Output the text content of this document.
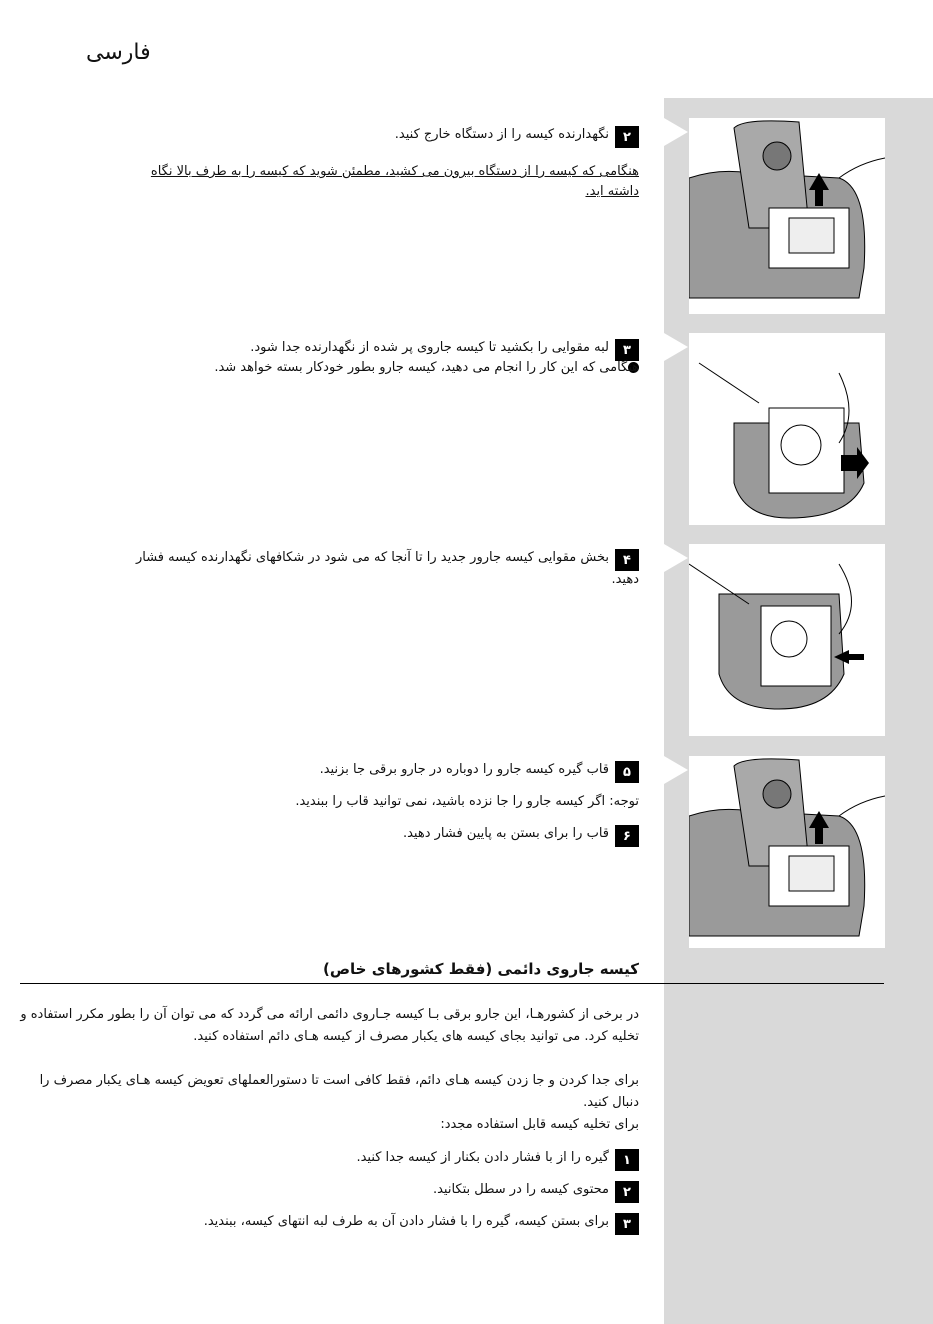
فارسی
۲
نگهدارنده کیسه را از دستگاه خارج کنید.
هنگامی که کیسه را از دستگاه بیرون می کشید، مطمئن شوید که کیسه را به طرف بالا نگاه
داشته اید.
۳
لبه مقوایی را بکشید تا کیسه جاروی پر شده از نگهدارنده جدا شود.
هنگامی که این کار را انجام می دهید، کیسه جارو بطور خودکار بسته خواهد شد.
۴
بخش مقوایی کیسه جارور جدید را تا آنجا که می شود در شکافهای نگهدارنده کیسه فشار
دهید.
۵
قاب گیره کیسه جارو را دوباره در جارو برقی جا بزنید.
توجه: اگر کیسه جارو را جا نزده باشید، نمی توانید قاب را ببندید.
۶
قاب را برای بستن به پایین فشار دهید.
کیسه جاروی دائمی (فقط کشورهای خاص)
در برخی از کشورهـا، این جارو برقی بـا کیسه جـاروی دائمی ارائه می گردد که می توان آن را بطور مکرر استفاده و تخلیه کرد. می توانید بجای کیسه های یکبار مصرف از کیسه هـای دائم استفاده کنید.
برای جدا کردن و جا زدن کیسه هـای دائم، فقط کافی است تا دستورالعملهای تعویض کیسه هـای یکبار مصرف را دنبال کنید.
برای تخلیه کیسه قابل استفاده مجدد:
۱
گیره را از با فشار دادن بکنار از کیسه جدا کنید.
۲
محتوی کیسه را در سطل بتکانید.
۳
برای بستن کیسه، گیره را با فشار دادن آن به طرف لبه انتهای کیسه، ببندید.
